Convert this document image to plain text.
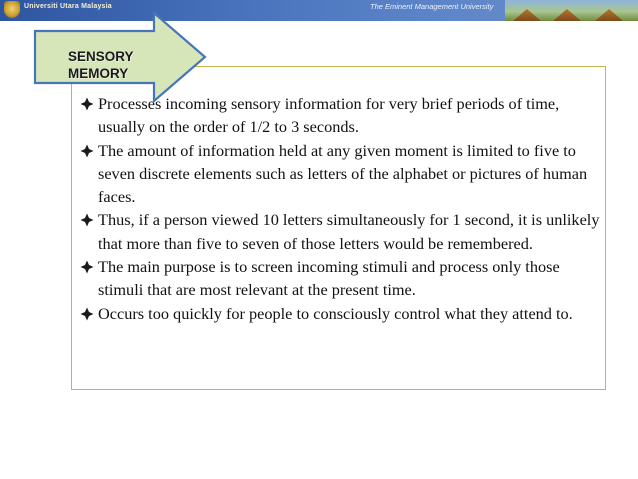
Universiti Utara Malaysia	The Eminent Management University
Processes incoming sensory information for very brief periods of time, usually on the order of 1/2 to 3 seconds.
The amount of information held at any given moment is limited to five to seven discrete elements such as letters of the alphabet or pictures of human faces.
Thus, if a person viewed 10 letters simultaneously for 1 second, it is unlikely that more than five to seven of those letters would be remembered.
The main purpose is to screen incoming stimuli and process only those stimuli that are most relevant at the present time.
Occurs too quickly for people to consciously control what they attend to.
SENSORY
MEMORY
